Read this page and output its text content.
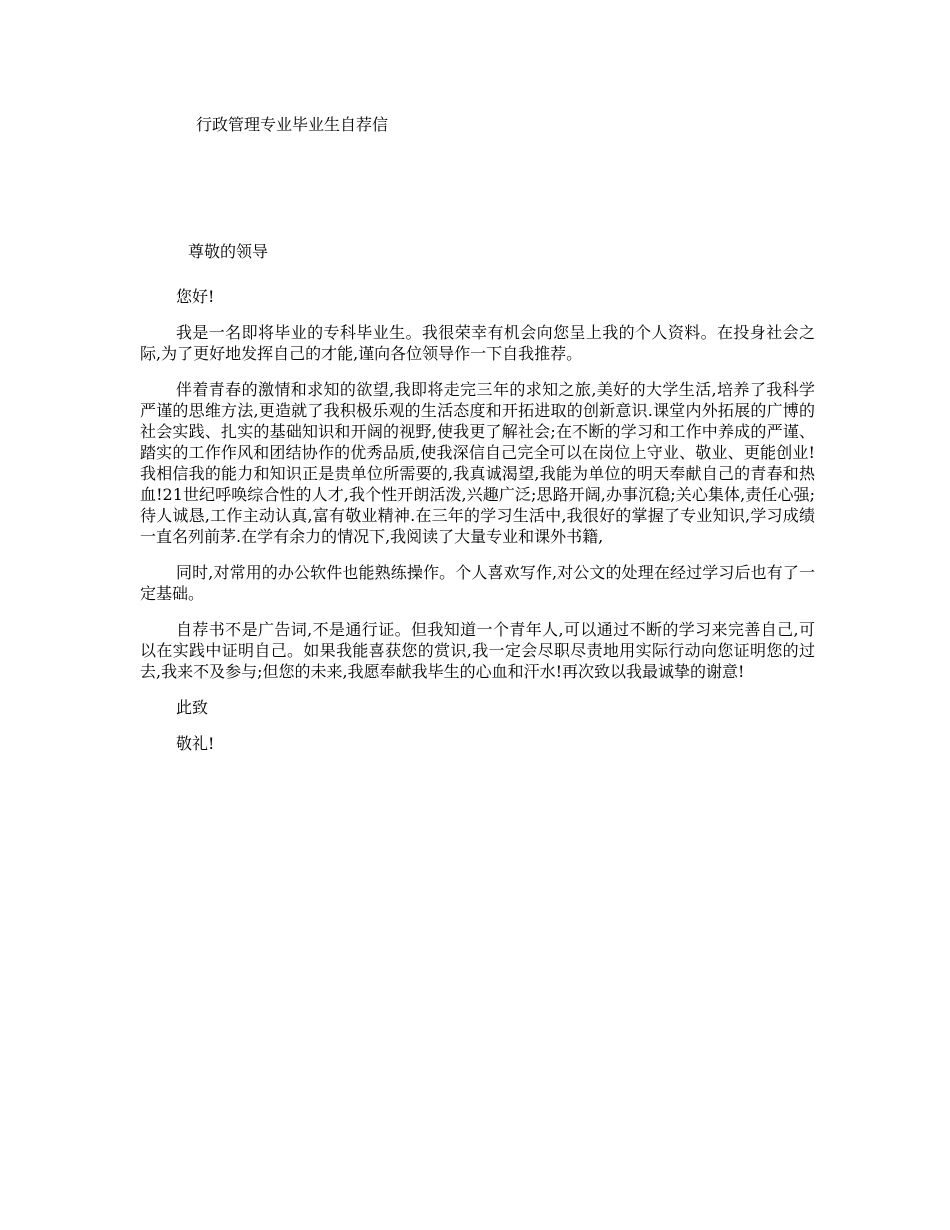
行政管理专业毕业生自荐信
尊敬的领导

您好!

我是一名即将毕业的专科毕业生。我很荣幸有机会向您呈上我的个人资料。在投身社会之际,为了更好地发挥自己的才能,谨向各位领导作一下自我推荐。

伴着青春的激情和求知的欲望,我即将走完三年的求知之旅,美好的大学生活,培养了我科学严谨的思维方法,更造就了我积极乐观的生活态度和开拓进取的创新意识.课堂内外拓展的广博的社会实践、扎实的基础知识和开阔的视野,使我更了解社会;在不断的学习和工作中养成的严谨、踏实的工作作风和团结协作的优秀品质,使我深信自己完全可以在岗位上守业、敬业、更能创业!我相信我的能力和知识正是贵单位所需要的,我真诚渴望,我能为单位的明天奉献自己的青春和热血!21世纪呼唤综合性的人才,我个性开朗活泼,兴趣广泛;思路开阔,办事沉稳;关心集体,责任心强;待人诚恳,工作主动认真,富有敬业精神.在三年的学习生活中,我很好的掌握了专业知识,学习成绩一直名列前茅.在学有余力的情况下,我阅读了大量专业和课外书籍,

同时,对常用的办公软件也能熟练操作。个人喜欢写作,对公文的处理在经过学习后也有了一定基础。

自荐书不是广告词,不是通行证。但我知道一个青年人,可以通过不断的学习来完善自己,可以在实践中证明自己。如果我能喜获您的赏识,我一定会尽职尽责地用实际行动向您证明您的过去,我来不及参与;但您的未来,我愿奉献我毕生的心血和汗水!再次致以我最诚挚的谢意!

此致

敬礼!
